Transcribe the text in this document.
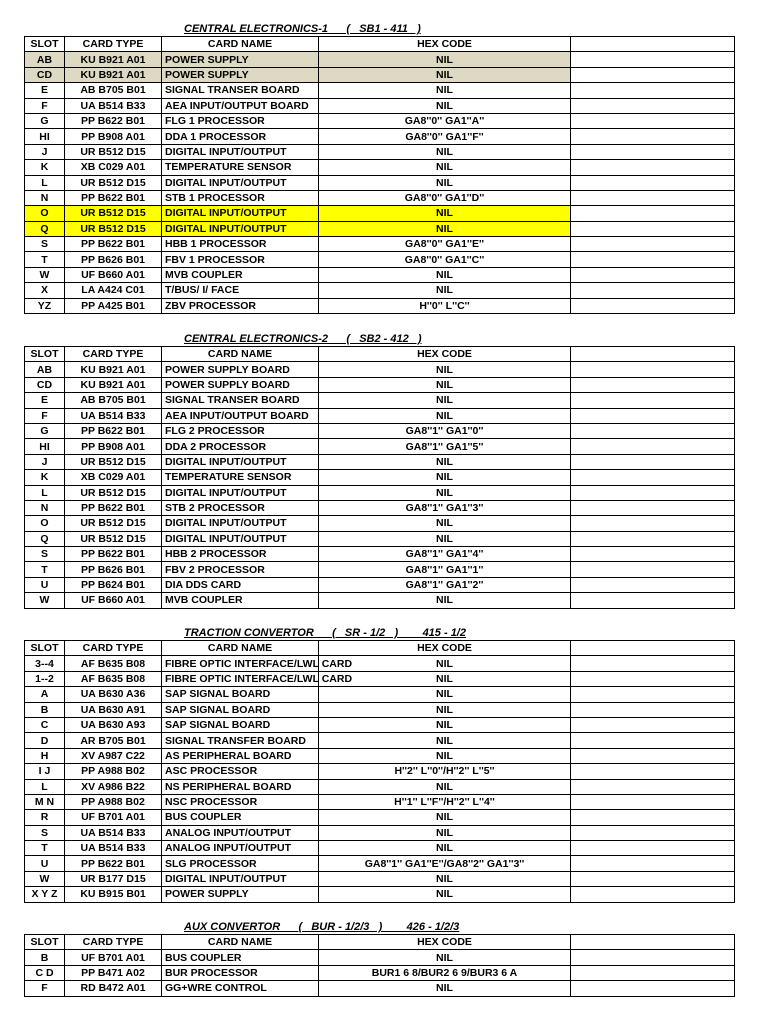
CENTRAL ELECTRONICS-1      (   SB1 - 411   )
SLOT	CARD TYPE	CARD NAME	HEX CODE	
AB	KU B921 A01	POWER SUPPLY	NIL	
CD	KU B921 A01	POWER SUPPLY	NIL	
E	AB B705 B01	SIGNAL TRANSER BOARD	NIL	
F	UA B514 B33	AEA INPUT/OUTPUT BOARD	NIL	
G	PP B622 B01	FLG 1 PROCESSOR	GA8''0'' GA1''A''	
HI	PP B908 A01	DDA 1 PROCESSOR	GA8''0'' GA1''F''	
J	UR B512 D15	DIGITAL INPUT/OUTPUT	NIL	
K	XB C029 A01	TEMPERATURE SENSOR	NIL	
L	UR B512 D15	DIGITAL INPUT/OUTPUT	NIL	
N	PP B622 B01	STB 1 PROCESSOR	GA8''0'' GA1''D''	
O	UR B512 D15	DIGITAL INPUT/OUTPUT	NIL	
Q	UR B512 D15	DIGITAL INPUT/OUTPUT	NIL	
S	PP B622 B01	HBB 1 PROCESSOR	GA8''0'' GA1''E''	
T	PP B626 B01	FBV 1 PROCESSOR	GA8''0'' GA1''C''	
W	UF B660 A01	MVB COUPLER	NIL	
X	LA A424 C01	T/BUS/ I/ FACE	NIL	
YZ	PP A425 B01	ZBV PROCESSOR	H''0'' L''C''	
CENTRAL ELECTRONICS-2      (   SB2 - 412   )
SLOT	CARD TYPE	CARD NAME	HEX CODE	
AB	KU B921 A01	POWER SUPPLY BOARD	NIL	
CD	KU B921 A01	POWER SUPPLY BOARD	NIL	
E	AB B705 B01	SIGNAL TRANSER BOARD	NIL	
F	UA B514 B33	AEA INPUT/OUTPUT BOARD	NIL	
G	PP B622 B01	FLG 2 PROCESSOR	GA8''1'' GA1''0''	
HI	PP B908 A01	DDA 2 PROCESSOR	GA8''1'' GA1''5''	
J	UR B512 D15	DIGITAL INPUT/OUTPUT	NIL	
K	XB C029 A01	TEMPERATURE SENSOR	NIL	
L	UR B512 D15	DIGITAL INPUT/OUTPUT	NIL	
N	PP B622 B01	STB 2 PROCESSOR	GA8''1'' GA1''3''	
O	UR B512 D15	DIGITAL INPUT/OUTPUT	NIL	
Q	UR B512 D15	DIGITAL INPUT/OUTPUT	NIL	
S	PP B622 B01	HBB 2 PROCESSOR	GA8''1'' GA1''4''	
T	PP B626 B01	FBV 2 PROCESSOR	GA8''1'' GA1''1''	
U	PP B624 B01	DIA DDS CARD	GA8''1'' GA1''2''	
W	UF B660 A01	MVB COUPLER	NIL	
TRACTION CONVERTOR      (   SR - 1/2   )        415 - 1/2
SLOT	CARD TYPE	CARD NAME	HEX CODE	
3--4	AF B635 B08	FIBRE OPTIC INTERFACE/LWL CARD	NIL	
1--2	AF B635 B08	FIBRE OPTIC INTERFACE/LWL CARD	NIL	
A	UA B630 A36	SAP SIGNAL BOARD	NIL	
B	UA B630 A91	SAP SIGNAL BOARD	NIL	
C	UA B630 A93	SAP SIGNAL BOARD	NIL	
D	AR B705 B01	SIGNAL TRANSFER BOARD	NIL	
H	XV A987 C22	AS PERIPHERAL BOARD	NIL	
I J	PP A988 B02	ASC PROCESSOR	H''2'' L''0''/H''2'' L''5''	
L	XV A986 B22	NS PERIPHERAL BOARD	NIL	
M N	PP A988 B02	NSC PROCESSOR	H''1'' L''F''/H''2'' L''4''	
R	UF B701 A01	BUS COUPLER	NIL	
S	UA B514 B33	ANALOG INPUT/OUTPUT	NIL	
T	UA B514 B33	ANALOG INPUT/OUTPUT	NIL	
U	PP B622 B01	SLG PROCESSOR	GA8''1'' GA1''E''/GA8''2'' GA1''3''	
W	UR B177 D15	DIGITAL INPUT/OUTPUT	NIL	
X Y Z	KU B915 B01	POWER SUPPLY	NIL	
AUX CONVERTOR      (   BUR - 1/2/3   )        426 - 1/2/3
SLOT	CARD TYPE	CARD NAME	HEX CODE	
B	UF B701 A01	BUS COUPLER	NIL	
C D	PP B471 A02	BUR PROCESSOR	BUR1 6 8/BUR2 6 9/BUR3 6 A	
F	RD B472 A01	GG+WRE CONTROL	NIL	
